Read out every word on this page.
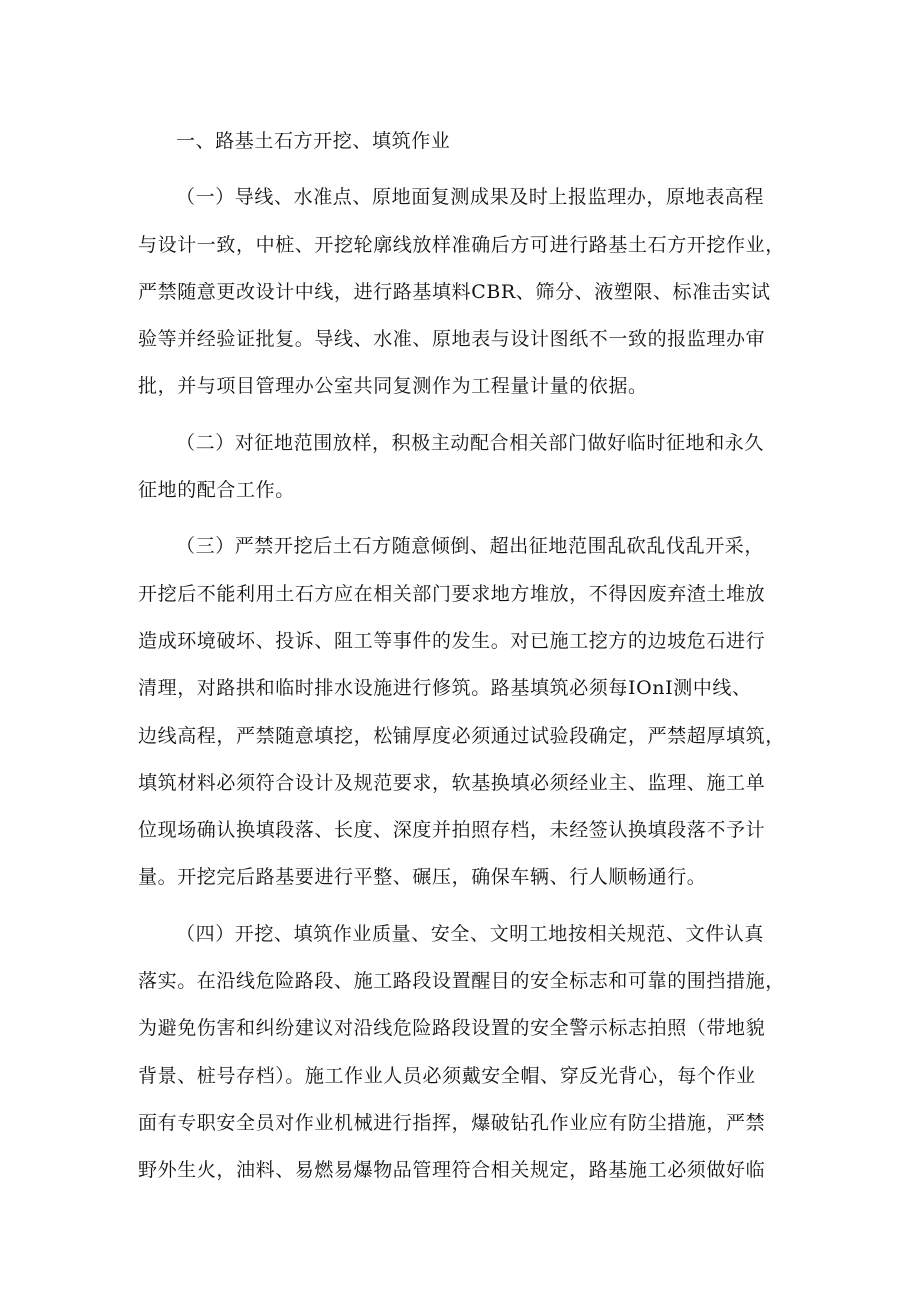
一、路基土石方开挖、填筑作业

（一）导线、水准点、原地面复测成果及时上报监理办，原地表高程
与设计一致，中桩、开挖轮廓线放样准确后方可进行路基土石方开挖作业，
严禁随意更改设计中线，进行路基填料CBR、筛分、液塑限、标准击实试
验等并经验证批复。导线、水准、原地表与设计图纸不一致的报监理办审
批，并与项目管理办公室共同复测作为工程量计量的依据。

（二）对征地范围放样，积极主动配合相关部门做好临时征地和永久
征地的配合工作。

（三）严禁开挖后土石方随意倾倒、超出征地范围乱砍乱伐乱开采，
开挖后不能利用土石方应在相关部门要求地方堆放，不得因废弃渣土堆放
造成环境破坏、投诉、阻工等事件的发生。对已施工挖方的边坡危石进行
清理，对路拱和临时排水设施进行修筑。路基填筑必须每IOnI测中线、
边线高程，严禁随意填挖，松铺厚度必须通过试验段确定，严禁超厚填筑，
填筑材料必须符合设计及规范要求，软基换填必须经业主、监理、施工单
位现场确认换填段落、长度、深度并拍照存档，未经签认换填段落不予计
量。开挖完后路基要进行平整、碾压，确保车辆、行人顺畅通行。

（四）开挖、填筑作业质量、安全、文明工地按相关规范、文件认真
落实。在沿线危险路段、施工路段设置醒目的安全标志和可靠的围挡措施，
为避免伤害和纠纷建议对沿线危险路段设置的安全警示标志拍照（带地貌
背景、桩号存档）。施工作业人员必须戴安全帽、穿反光背心，每个作业
面有专职安全员对作业机械进行指挥，爆破钻孔作业应有防尘措施，严禁
野外生火，油料、易燃易爆物品管理符合相关规定，路基施工必须做好临
